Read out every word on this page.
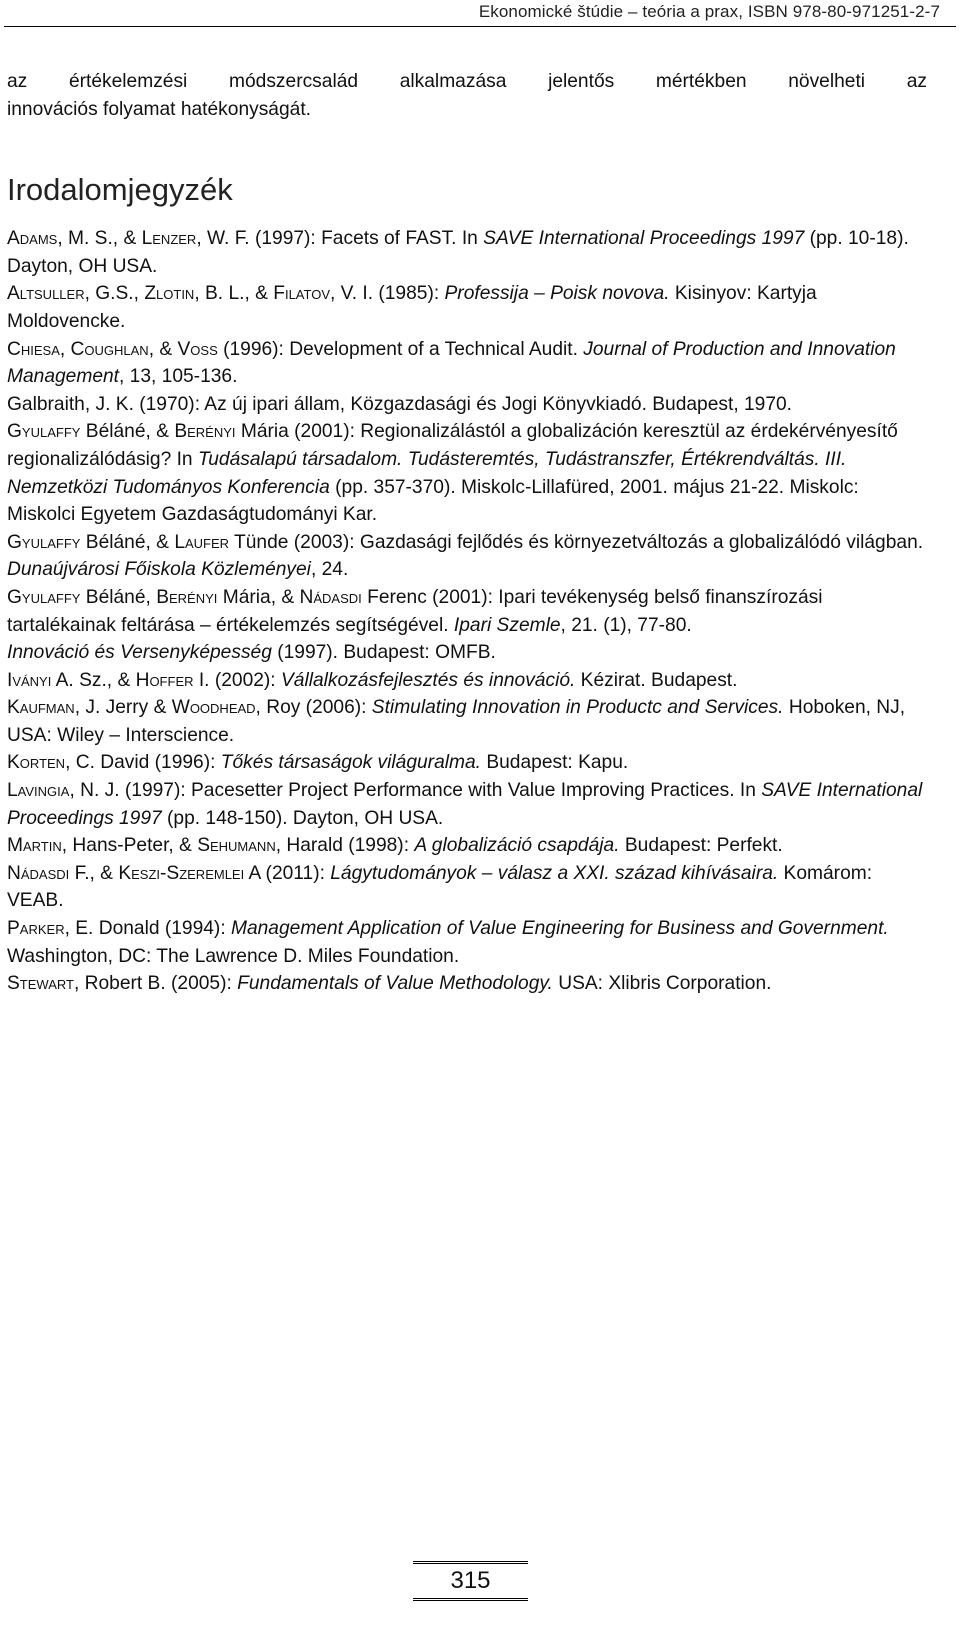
Ekonomické štúdie – teória a prax, ISBN 978-80-971251-2-7

az értékelemzési módszercsalád alkalmazása jelentős mértékben növelheti az
innovációs folyamat hatékonyságát.

Irodalomjegyzék
Adams, M. S., & Lenzer, W. F. (1997): Facets of FAST. In SAVE International Proceedings 1997 (pp. 10-18). Dayton, OH USA.
Altsuller, G.S., Zlotin, B. L., & Filatov, V. I. (1985): Professija – Poisk novova. Kisinyov: Kartyja Moldovencke.
Chiesa, Coughlan, & Voss (1996): Development of a Technical Audit. Journal of Production and Innovation Management, 13, 105-136.
Galbraith, J. K. (1970): Az új ipari állam, Közgazdasági és Jogi Könyvkiadó. Budapest, 1970.
Gyulaffy Béláné, & Berényi Mária (2001): Regionalizálástól a globalizáción keresztül az érdekérvényesítő regionalizálódásig? In Tudásalapú társadalom. Tudásteremtés, Tudástranszfer, Értékrendváltás. III. Nemzetközi Tudományos Konferencia (pp. 357-370). Miskolc-Lillafüred, 2001. május 21-22. Miskolc: Miskolci Egyetem Gazdaságtudományi Kar.
Gyulaffy Béláné, & Laufer Tünde (2003): Gazdasági fejlődés és környezetváltozás a globalizálódó világban. Dunaújvárosi Főiskola Közleményei, 24.
Gyulaffy Béláné, Berényi Mária, & Nádasdi Ferenc (2001): Ipari tevékenység belső finanszírozási tartalékainak feltárása – értékelemzés segítségével. Ipari Szemle, 21. (1), 77-80.
Innováció és Versenyképesség (1997). Budapest: OMFB.
Iványi A. Sz., & Hoffer I. (2002): Vállalkozásfejlesztés és innováció. Kézirat. Budapest.
Kaufman, J. Jerry & Woodhead, Roy (2006): Stimulating Innovation in Productc and Services. Hoboken, NJ, USA: Wiley – Interscience.
Korten, C. David (1996): Tőkés társaságok világuralma. Budapest: Kapu.
Lavingia, N. J. (1997): Pacesetter Project Performance with Value Improving Practices. In SAVE International Proceedings 1997 (pp. 148-150). Dayton, OH USA.
Martin, Hans-Peter, & Sehumann, Harald (1998): A globalizáció csapdája. Budapest: Perfekt.
Nádasdi F., & Keszi-Szeremlei A (2011): Lágytudományok – válasz a XXI. század kihívásaira. Komárom: VEAB.
Parker, E. Donald (1994): Management Application of Value Engineering for Business and Government. Washington, DC: The Lawrence D. Miles Foundation.
Stewart, Robert B. (2005): Fundamentals of Value Methodology. USA: Xlibris Corporation.
315
